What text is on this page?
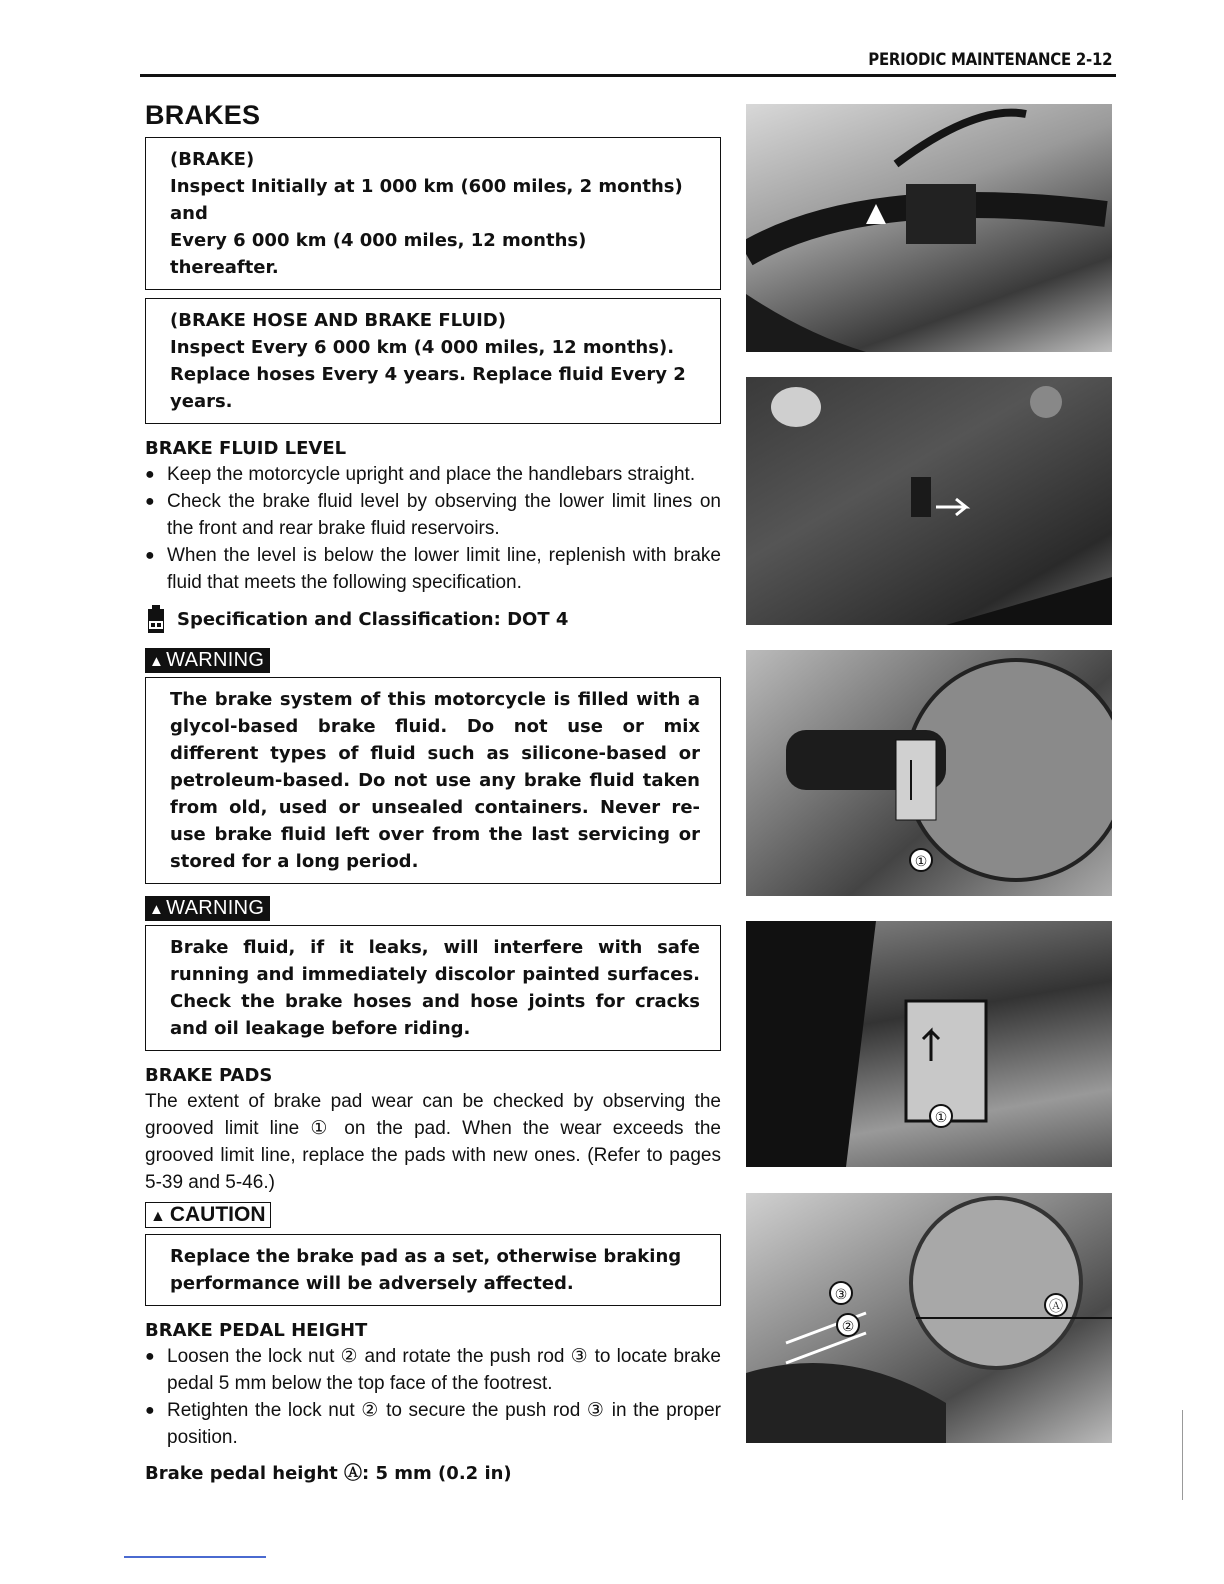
PERIODIC MAINTENANCE 2-12
BRAKES

(BRAKE)

Inspect Initially at 1 000 km (600 miles, 2 months) and

Every 6 000 km (4 000 miles, 12 months) thereafter.

(BRAKE HOSE AND BRAKE FLUID)

Inspect Every 6 000 km (4 000 miles, 12 months).

Replace hoses Every 4 years. Replace fluid Every 2 years.

BRAKE FLUID LEVEL
● Keep the motorcycle upright and place the handlebars straight.
● Check the brake fluid level by observing the lower limit lines on the front and rear brake fluid reservoirs.
● When the level is below the lower limit line, replenish with brake fluid that meets the following specification.
Specification and Classification: DOT 4
▲ WARNING

The brake system of this motorcycle is filled with a glycol-based brake fluid. Do not use or mix different types of fluid such as silicone-based or petroleum-based. Do not use any brake fluid taken from old, used or unsealed containers. Never re-use brake fluid left over from the last servicing or stored for a long period.

▲ WARNING

Brake fluid, if it leaks, will interfere with safe running and immediately discolor painted surfaces. Check the brake hoses and hose joints for cracks and oil leakage before riding.

BRAKE PADS

The extent of brake pad wear can be checked by observing the grooved limit line ① on the pad. When the wear exceeds the grooved limit line, replace the pads with new ones. (Refer to pages 5-39 and 5-46.)

▲ CAUTION

Replace the brake pad as a set, otherwise braking performance will be adversely affected.

BRAKE PEDAL HEIGHT
● Loosen the lock nut ② and rotate the push rod ③ to locate brake pedal 5 mm below the top face of the footrest.
● Retighten the lock nut ② to secure the push rod ③ in the proper position.
Brake pedal height Ⓐ: 5 mm (0.2 in)
①
①
③
②
Ⓐ
